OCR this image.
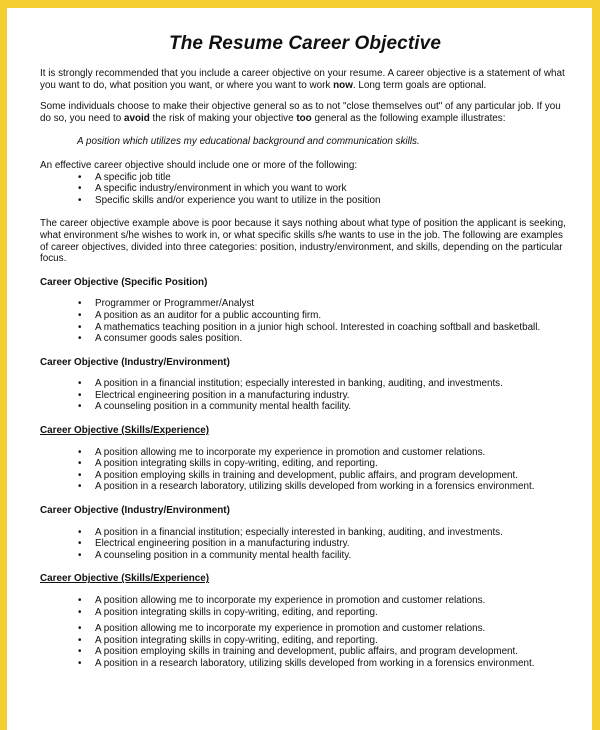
The Resume Career Objective

It is strongly recommended that you include a career objective on your resume. A career objective is a statement of what you want to do, what position you want, or where you want to work now. Long term goals are optional.

Some individuals choose to make their objective general so as to not "close themselves out" of any particular job. If you do so, you need to avoid the risk of making your objective too general as the following example illustrates:

A position which utilizes my educational background and communication skills.

An effective career objective should include one or more of the following:

• A specific job title
• A specific industry/environment in which you want to work
• Specific skills and/or experience you want to utilize in the position

The career objective example above is poor because it says nothing about what type of position the applicant is seeking, what environment s/he wishes to work in, or what specific skills s/he wants to use in the job. The following are examples of career objectives, divided into three categories: position, industry/environment, and skills, depending on the particular focus.

Career Objective (Specific Position)
• Programmer or Programmer/Analyst
• A position as an auditor for a public accounting firm.
• A mathematics teaching position in a junior high school. Interested in coaching softball and basketball.
• A consumer goods sales position.
Career Objective (Industry/Environment)
• A position in a financial institution; especially interested in banking, auditing, and investments.
• Electrical engineering position in a manufacturing industry.
• A counseling position in a community mental health facility.
Career Objective (Skills/Experience)
• A position allowing me to incorporate my experience in promotion and customer relations.
• A position integrating skills in copy-writing, editing, and reporting.
• A position employing skills in training and development, public affairs, and program development.
• A position in a research laboratory, utilizing skills developed from working in a forensics environment.
Career Objective (Industry/Environment)
• A position in a financial institution; especially interested in banking, auditing, and investments.
• Electrical engineering position in a manufacturing industry.
• A counseling position in a community mental health facility.
Career Objective (Skills/Experience)
• A position allowing me to incorporate my experience in promotion and customer relations.
• A position integrating skills in copy-writing, editing, and reporting.
• A position allowing me to incorporate my experience in promotion and customer relations.
• A position integrating skills in copy-writing, editing, and reporting.
• A position employing skills in training and development, public affairs, and program development.
• A position in a research laboratory, utilizing skills developed from working in a forensics environment.
